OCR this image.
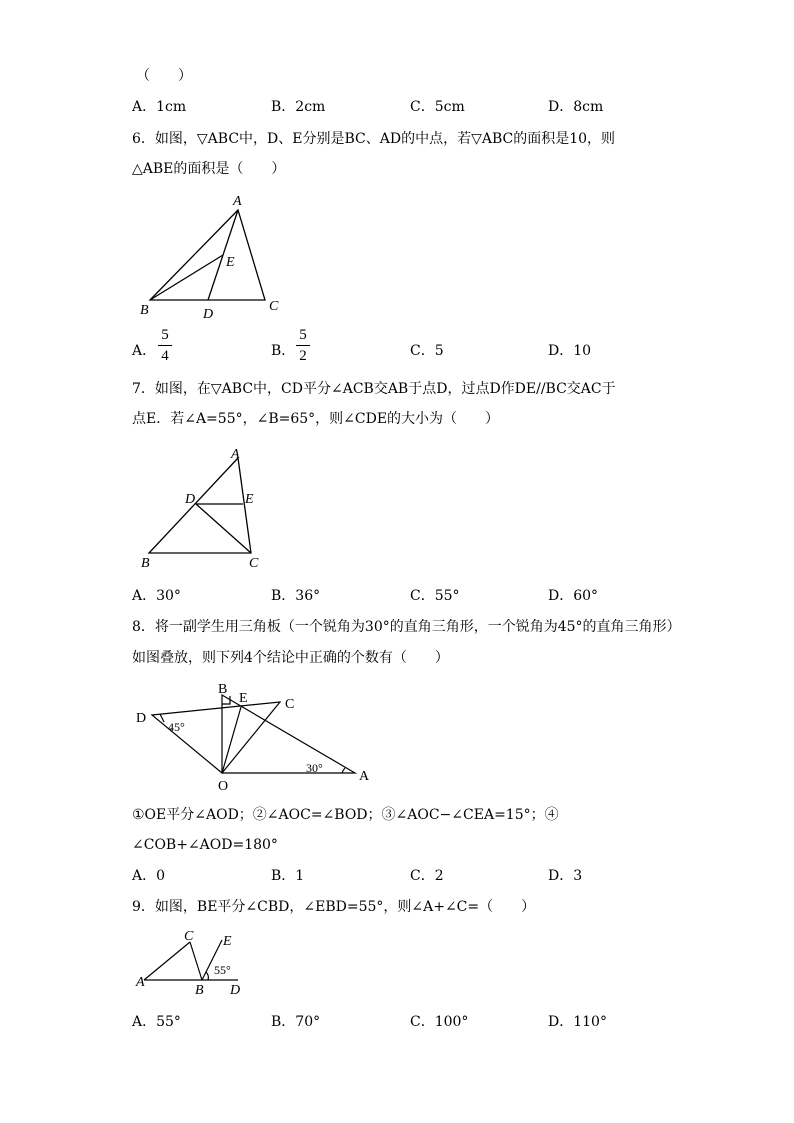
（　　）
A．1cm	B．2cm	C．5cm	D．8cm
6．如图，▽ABC中，D、E分别是BC、AD的中点，若▽ABC的面积是10，则
△ABE的面积是（　　）
A
B	C
D
E
A．
5
4	B．
5
2	C．5	D．10
7．如图，在▽ABC中，CD平分∠ACB交AB于点D，过点D作DE//BC交AC于
点E．若∠A=55°，∠B=65°，则∠CDE的大小为（　　）
A
B	C
D	E
A．30°	B．36°	C．55°	D．60°
8．将一副学生用三角板（一个锐角为30°的直角三角形，一个锐角为45°的直角三角形）
如图叠放，则下列4个结论中正确的个数有（　　）
D
B
E	C
O
A
45°
30°
①OE平分∠AOD；②∠AOC=∠BOD；③∠AOC−∠CEA=15°；④
∠COB+∠AOD=180°
A．0	B．1	C．2	D．3
9．如图，BE平分∠CBD，∠EBD=55°，则∠A+∠C=（　　）
C E
A
B D
55°
A．55°	B．70°	C．100°	D．110°
